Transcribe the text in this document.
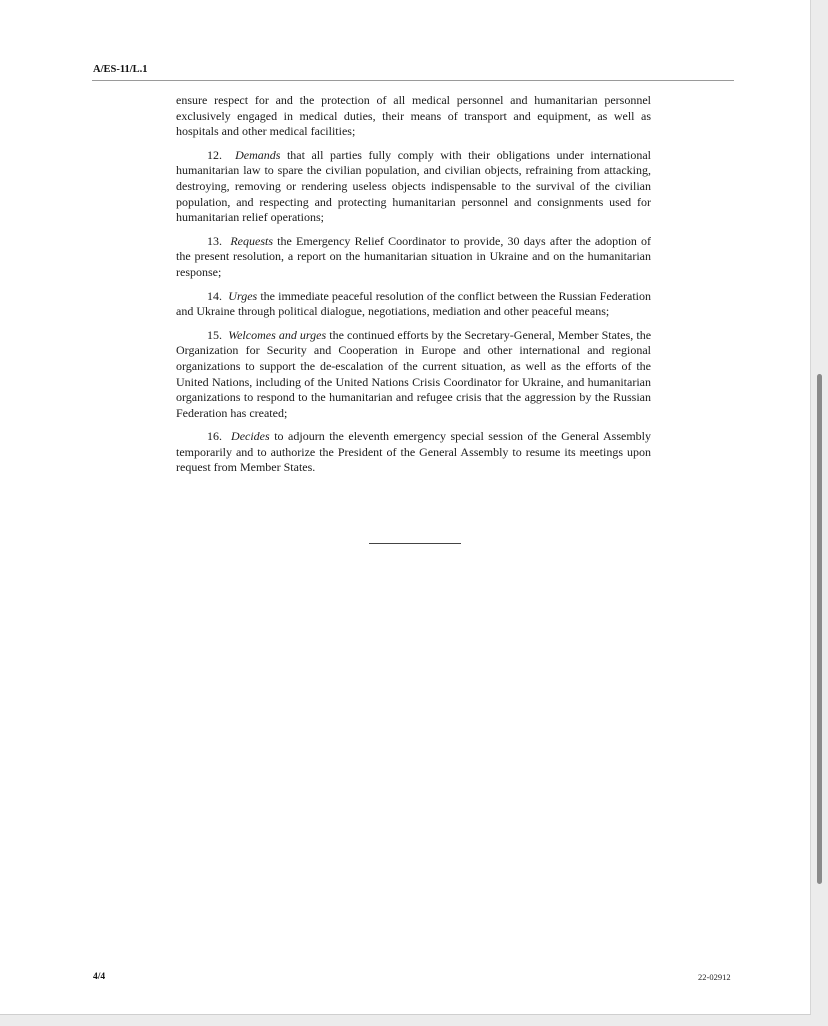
A/ES-11/L.1

ensure respect for and the protection of all medical personnel and humanitarian personnel exclusively engaged in medical duties, their means of transport and equipment, as well as hospitals and other medical facilities;

12. Demands that all parties fully comply with their obligations under international humanitarian law to spare the civilian population, and civilian objects, refraining from attacking, destroying, removing or rendering useless objects indispensable to the survival of the civilian population, and respecting and protecting humanitarian personnel and consignments used for humanitarian relief operations;

13. Requests the Emergency Relief Coordinator to provide, 30 days after the adoption of the present resolution, a report on the humanitarian situation in Ukraine and on the humanitarian response;

14. Urges the immediate peaceful resolution of the conflict between the Russian Federation and Ukraine through political dialogue, negotiations, mediation and other peaceful means;

15. Welcomes and urges the continued efforts by the Secretary-General, Member States, the Organization for Security and Cooperation in Europe and other international and regional organizations to support the de-escalation of the current situation, as well as the efforts of the United Nations, including of the United Nations Crisis Coordinator for Ukraine, and humanitarian organizations to respond to the humanitarian and refugee crisis that the aggression by the Russian Federation has created;

16. Decides to adjourn the eleventh emergency special session of the General Assembly temporarily and to authorize the President of the General Assembly to resume its meetings upon request from Member States.

4/4	22-02912
